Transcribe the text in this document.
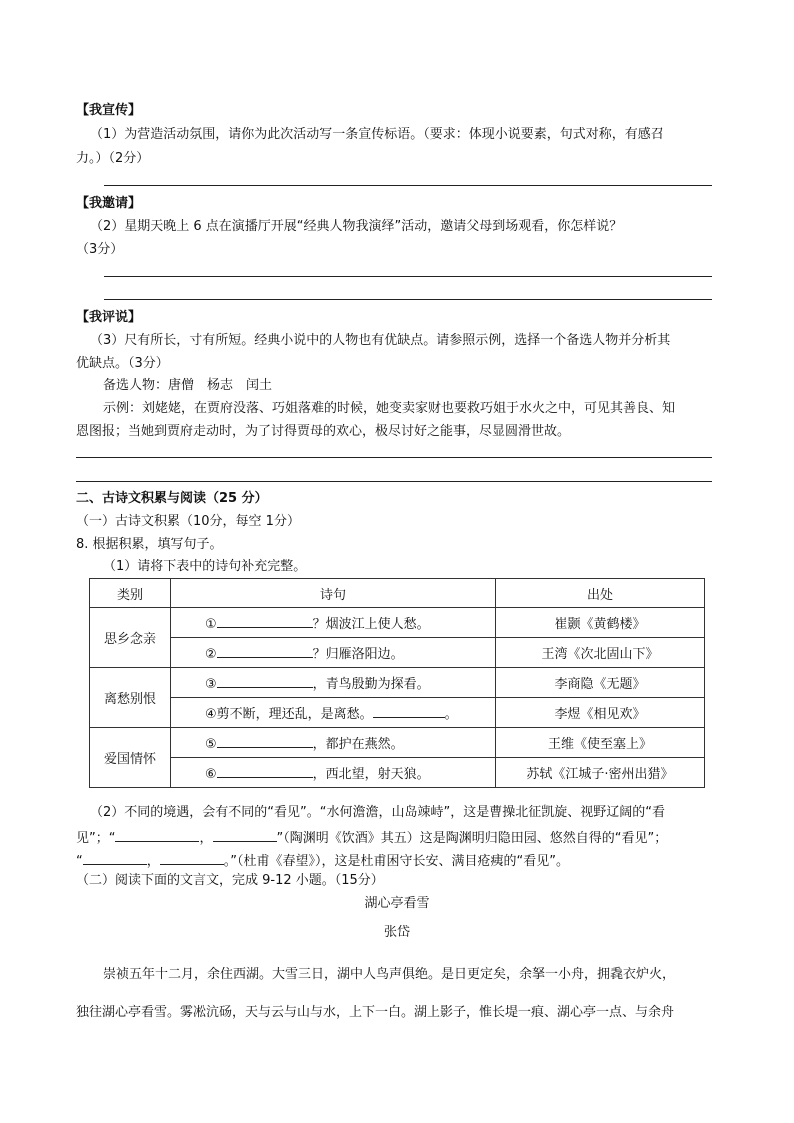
【我宣传】
（1）为营造活动氛围，请你为此次活动写一条宣传标语。（要求：体现小说要素，句式对称，有感召
力。）（2分）
【我邀请】
（2）星期天晚上 6 点在演播厅开展“经典人物我演绎”活动，邀请父母到场观看，你怎样说？
（3分）
【我评说】
（3）尺有所长，寸有所短。经典小说中的人物也有优缺点。请参照示例，选择一个备选人物并分析其
优缺点。（3分）
备选人物：唐僧　杨志　闰土
示例：刘姥姥，在贾府没落、巧姐落难的时候，她变卖家财也要救巧姐于水火之中，可见其善良、知
恩图报；当她到贾府走动时，为了讨得贾母的欢心，极尽讨好之能事，尽显圆滑世故。
二、古诗文积累与阅读（25 分）
（一）古诗文积累（10分，每空 1分）
8. 根据积累，填写句子。
（1）请将下表中的诗句补充完整。
类别	诗句	出处
思乡念亲	① ？烟波江上使人愁。	崔颢《黄鹤楼》
	② ？归雁洛阳边。	王湾《次北固山下》
离愁别恨	③ ，青鸟殷勤为探看。	李商隐《无题》
	④剪不断，理还乱，是离愁。 。	李煜《相见欢》
爱国情怀	⑤ ，都护在燕然。	王维《使至塞上》
	⑥ ，西北望，射天狼。	苏轼《江城子·密州出猎》
（2）不同的境遇，会有不同的“看见”。“水何澹澹，山岛竦峙”，这是曹操北征凯旋、视野辽阔的“看
见”；“	，	”（陶渊明《饮酒》其五）这是陶渊明归隐田园、悠然自得的“看见”；
“	，	。”（杜甫《春望》），这是杜甫困守长安、满目疮痍的“看见”。
（二）阅读下面的文言文，完成 9-12 小题。（15分）
湖心亭看雪
张岱
崇祯五年十二月，余住西湖。大雪三日，湖中人鸟声俱绝。是日更定矣，余拏一小舟，拥毳衣炉火，
独往湖心亭看雪。雾凇沆砀，天与云与山与水，上下一白。湖上影子，惟长堤一痕、湖心亭一点、与余舟
